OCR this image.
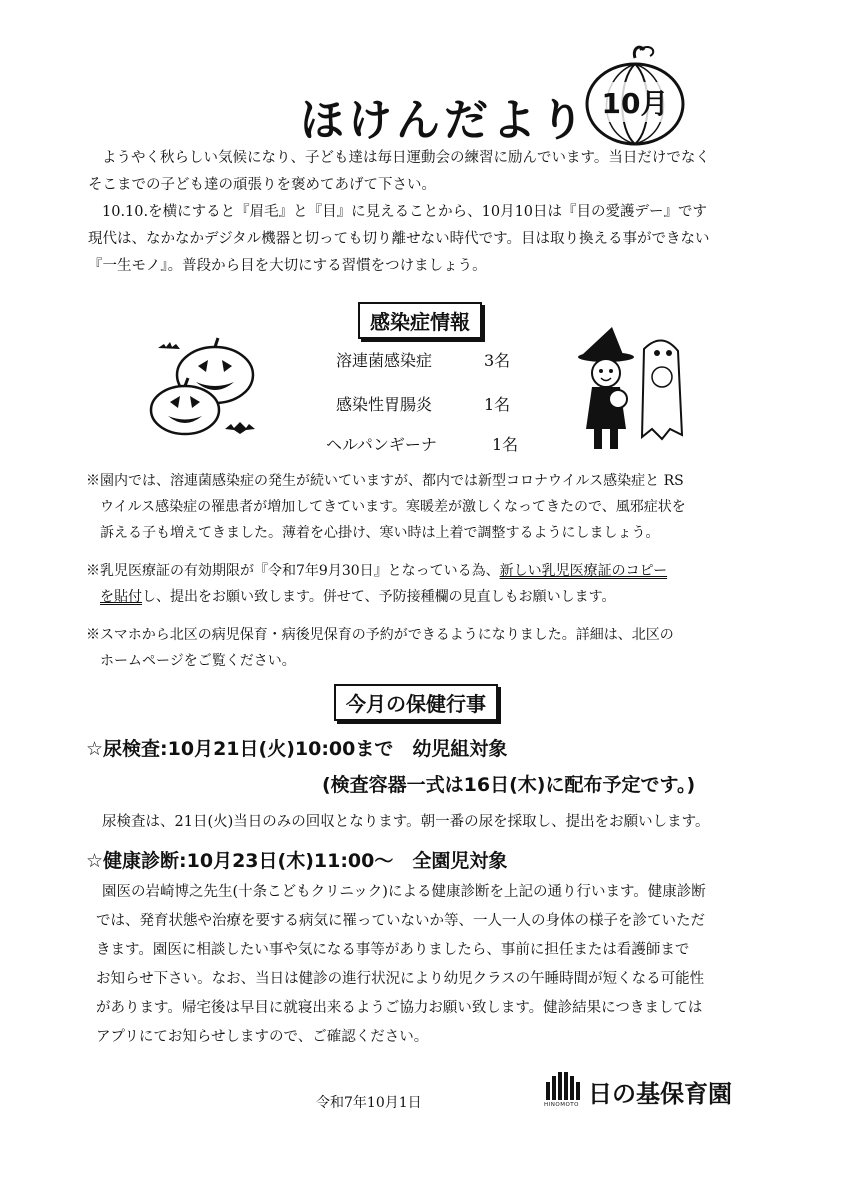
ほけんだより 10月
ようやく秋らしい気候になり、子ども達は毎日運動会の練習に励んでいます。当日だけでなく
そこまでの子ども達の頑張りを褒めてあげて下さい。
10.10.を横にすると『眉毛』と『目』に見えることから、10月10日は『目の愛護デー』です
現代は、なかなかデジタル機器と切っても切り離せない時代です。目は取り換える事ができない
『一生モノ』。普段から目を大切にする習慣をつけましょう。
感染症情報
溶連菌感染症	3名
感染性胃腸炎	1名
ヘルパンギーナ	1名
※園内では、溶連菌感染症の発生が続いていますが、都内では新型コロナウイルス感染症と RS
ウイルス感染症の罹患者が増加してきています。寒暖差が激しくなってきたので、風邪症状を
訴える子も増えてきました。薄着を心掛け、寒い時は上着で調整するようにしましょう。
※乳児医療証の有効期限が『令和7年9月30日』となっている為、新しい乳児医療証のコピー
を貼付し、提出をお願い致します。併せて、予防接種欄の見直しもお願いします。
※スマホから北区の病児保育・病後児保育の予約ができるようになりました。詳細は、北区の
ホームページをご覧ください。
今月の保健行事
☆尿検査:10月21日(火)10:00まで　幼児組対象
(検査容器一式は16日(木)に配布予定です。)
尿検査は、21日(火)当日のみの回収となります。朝一番の尿を採取し、提出をお願いします。
☆健康診断:10月23日(木)11:00〜　全園児対象
園医の岩崎博之先生(十条こどもクリニック)による健康診断を上記の通り行います。健康診断
では、発育状態や治療を要する病気に罹っていないか等、一人一人の身体の様子を診ていただ
きます。園医に相談したい事や気になる事等がありましたら、事前に担任または看護師まで
お知らせ下さい。なお、当日は健診の進行状況により幼児クラスの午睡時間が短くなる可能性
があります。帰宅後は早目に就寝出来るようご協力お願い致します。健診結果につきましては
アプリにてお知らせしますので、ご確認ください。
令和7年10月1日	HINOMOTO 日の基保育園
